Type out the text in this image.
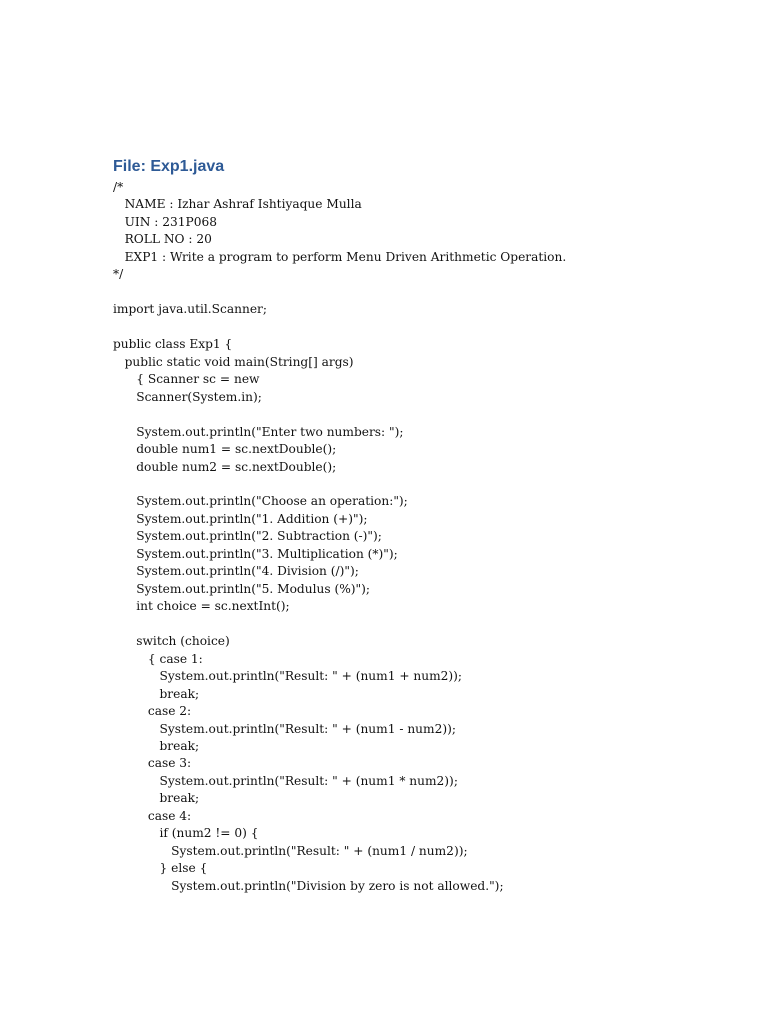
File: Exp1.java
/*
NAME : Izhar Ashraf Ishtiyaque Mulla
UIN : 231P068
ROLL NO : 20
EXP1 : Write a program to perform Menu Driven Arithmetic Operation.
*/
import java.util.Scanner;
public class Exp1 {
public static void main(String[] args)
{ Scanner sc = new
Scanner(System.in);
System.out.println("Enter two numbers: ");
double num1 = sc.nextDouble();
double num2 = sc.nextDouble();
System.out.println("Choose an operation:");
System.out.println("1. Addition (+)");
System.out.println("2. Subtraction (-)");
System.out.println("3. Multiplication (*)");
System.out.println("4. Division (/)");
System.out.println("5. Modulus (%)");
int choice = sc.nextInt();
switch (choice)
{ case 1:
System.out.println("Result: " + (num1 + num2));
break;
case 2:
System.out.println("Result: " + (num1 - num2));
break;
case 3:
System.out.println("Result: " + (num1 * num2));
break;
case 4:
if (num2 != 0) {
System.out.println("Result: " + (num1 / num2));
} else {
System.out.println("Division by zero is not allowed.");
